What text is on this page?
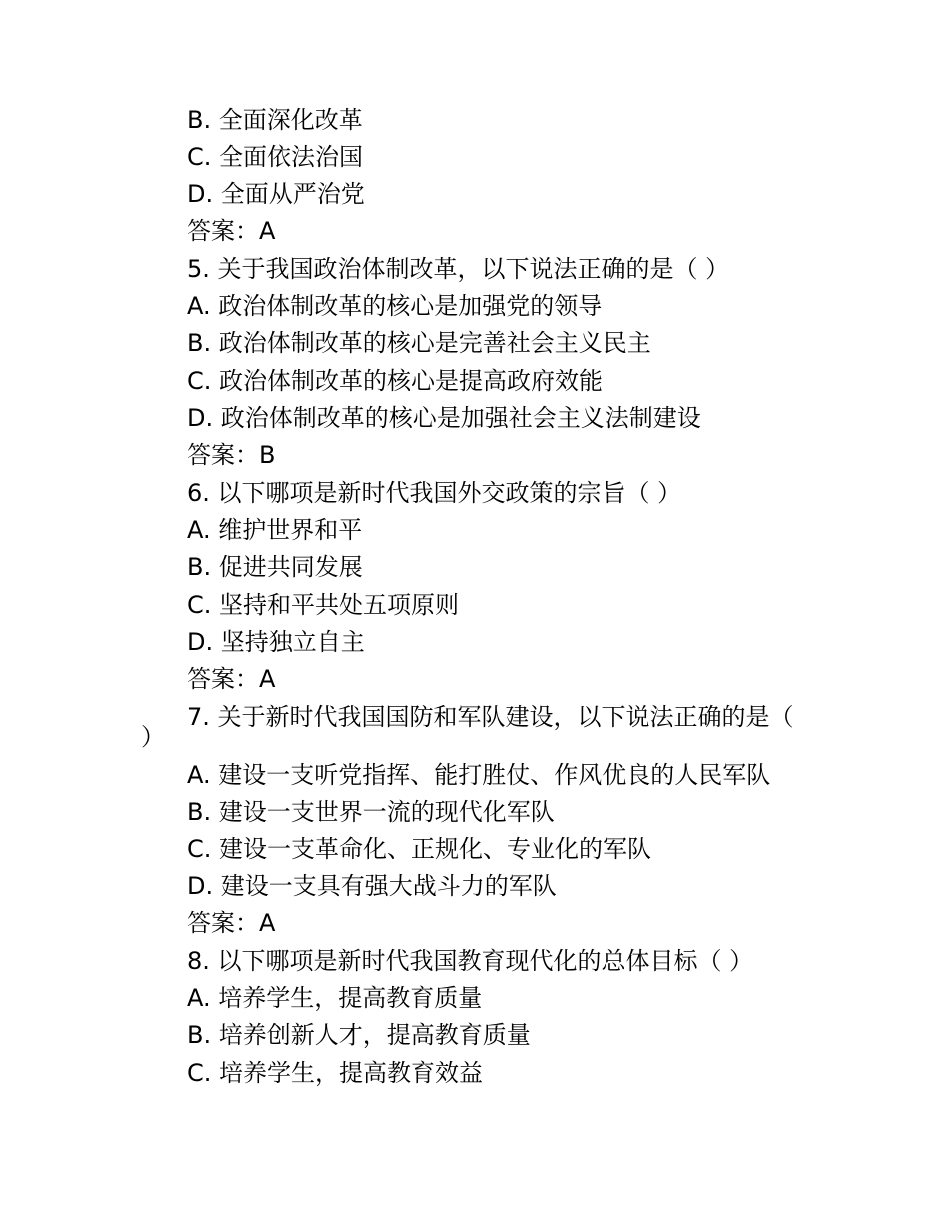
B. 全面深化改革
C. 全面依法治国
D. 全面从严治党
答案：A
5. 关于我国政治体制改革，以下说法正确的是（ ）
A. 政治体制改革的核心是加强党的领导
B. 政治体制改革的核心是完善社会主义民主
C. 政治体制改革的核心是提高政府效能
D. 政治体制改革的核心是加强社会主义法制建设
答案：B
6. 以下哪项是新时代我国外交政策的宗旨（ ）
A. 维护世界和平
B. 促进共同发展
C. 坚持和平共处五项原则
D. 坚持独立自主
答案：A
7. 关于新时代我国国防和军队建设，以下说法正确的是（
）
A. 建设一支听党指挥、能打胜仗、作风优良的人民军队
B. 建设一支世界一流的现代化军队
C. 建设一支革命化、正规化、专业化的军队
D. 建设一支具有强大战斗力的军队
答案：A
8. 以下哪项是新时代我国教育现代化的总体目标（ ）
A. 培养学生，提高教育质量
B. 培养创新人才，提高教育质量
C. 培养学生，提高教育效益
